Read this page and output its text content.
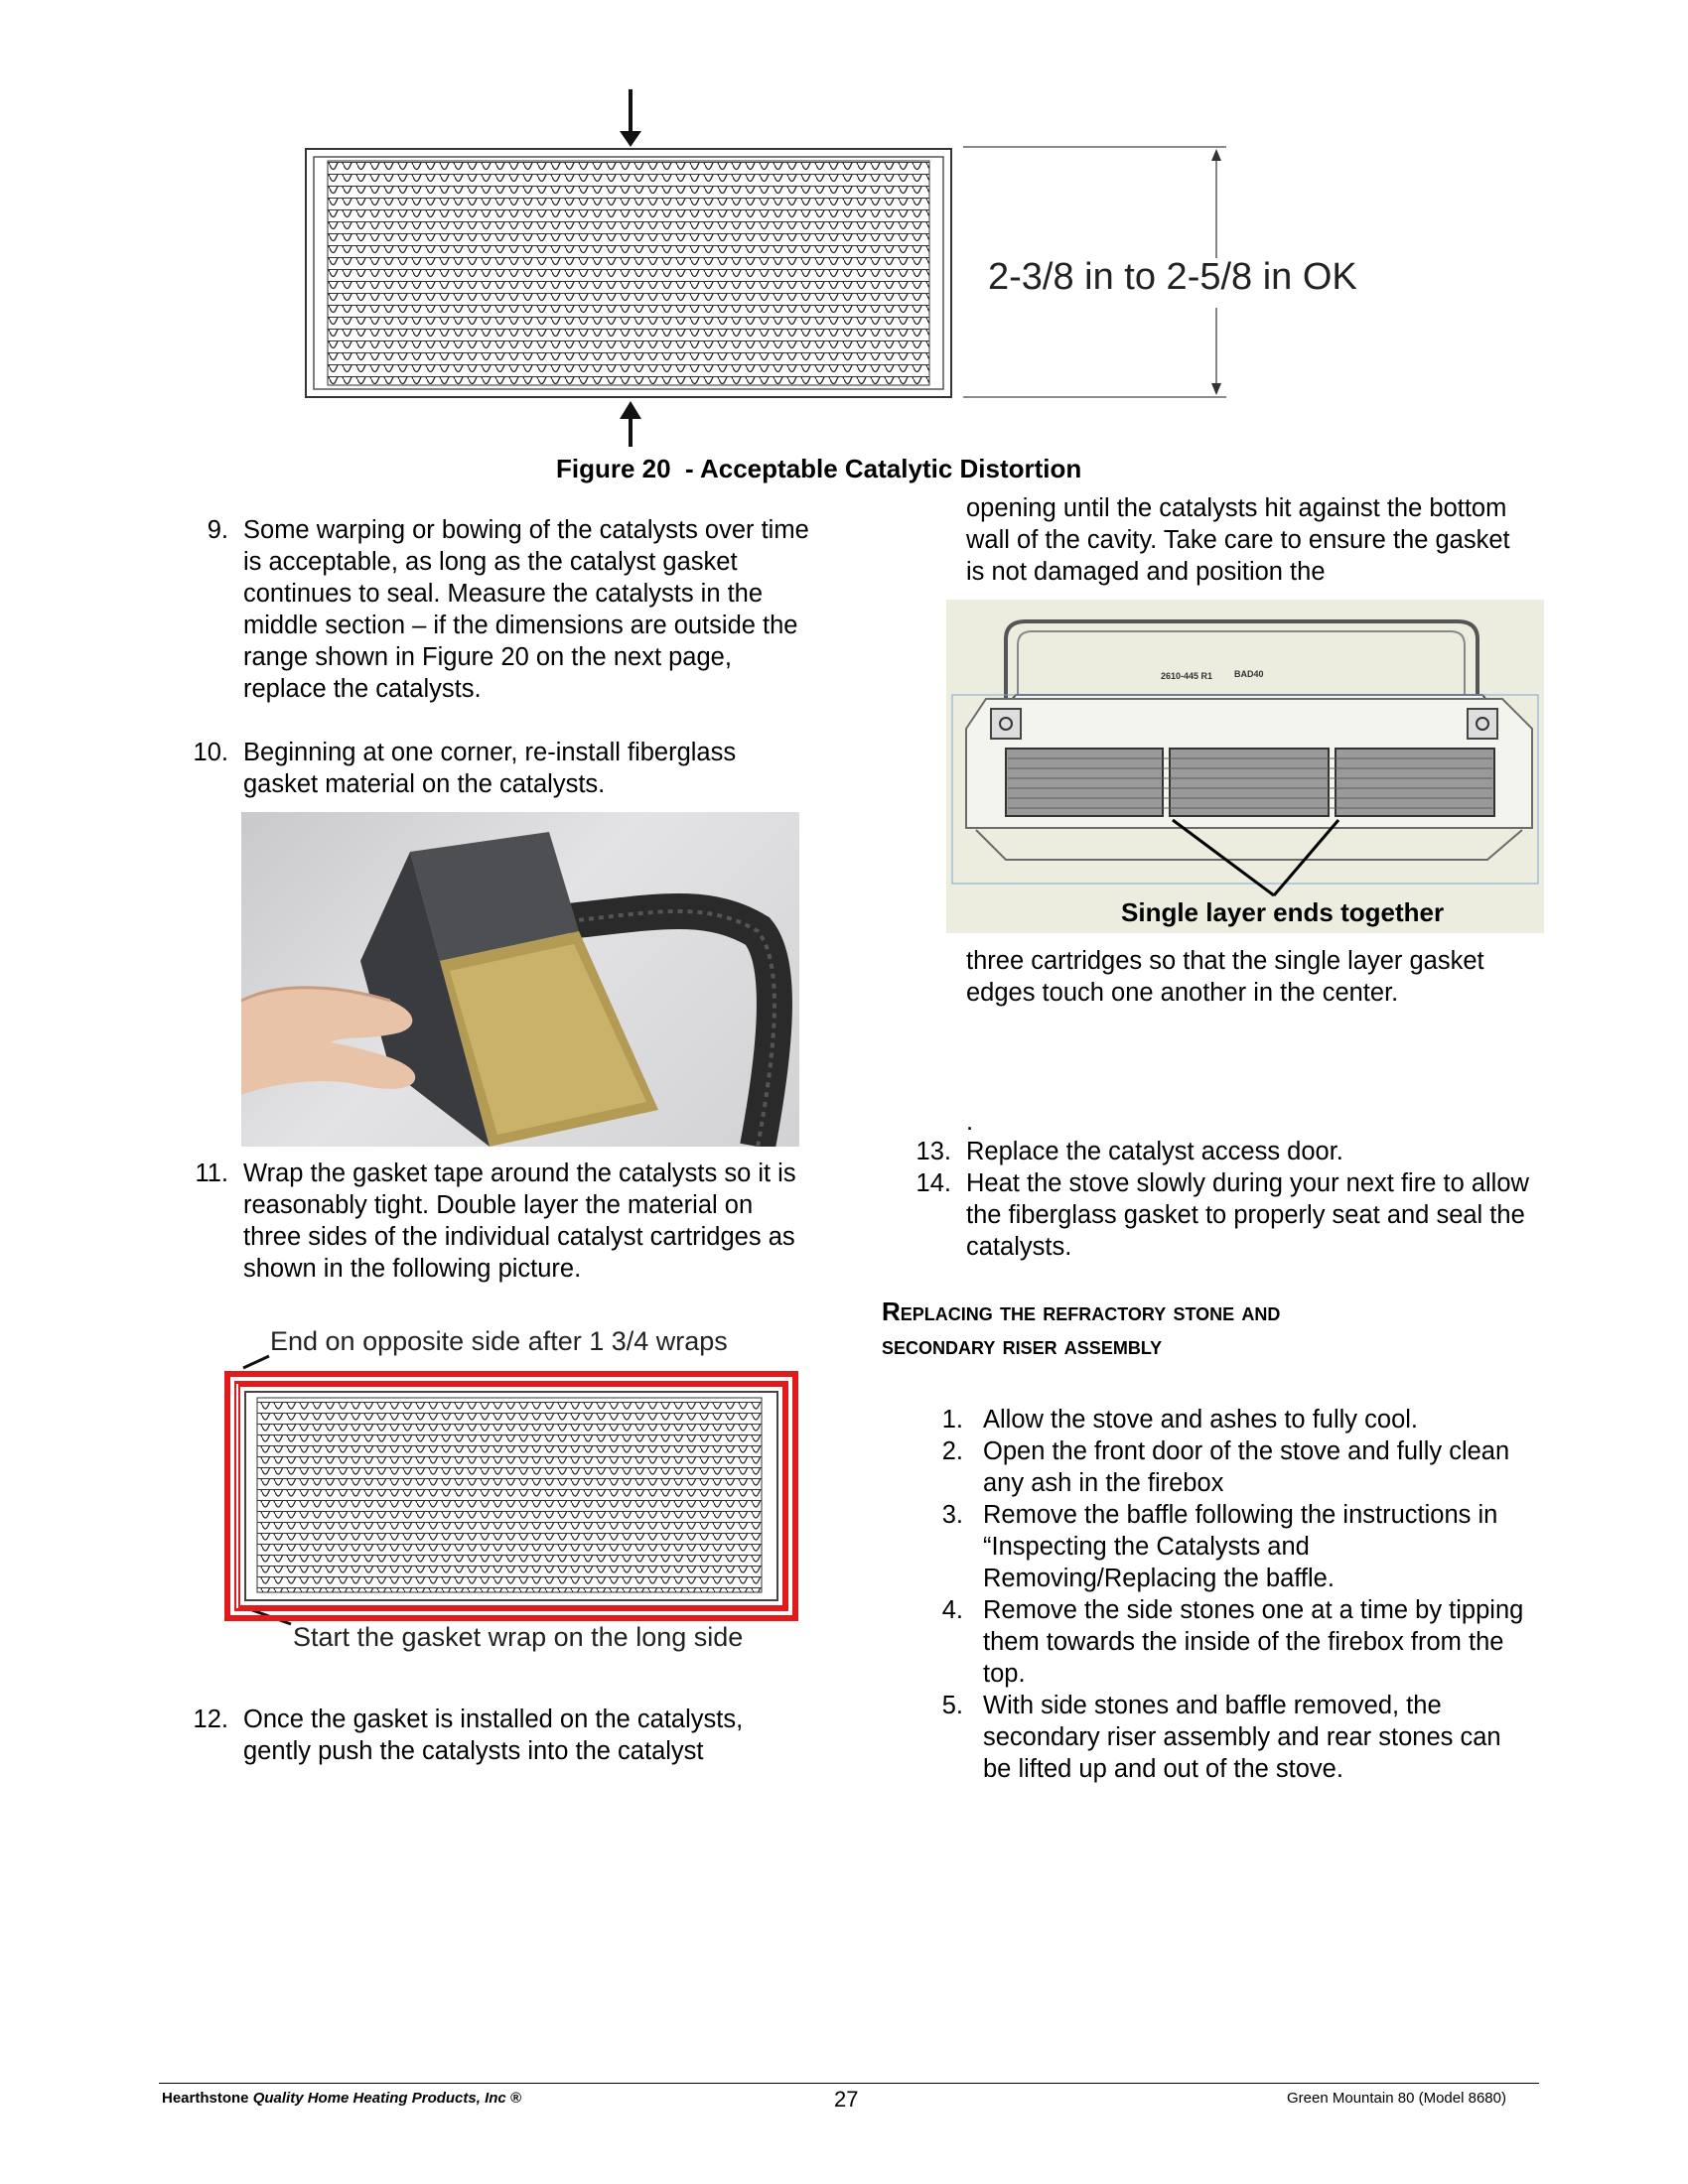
2-3/8 in to 2-5/8 in OK
Figure 20  - Acceptable Catalytic Distortion
9. Some warping or bowing of the catalysts over time is acceptable, as long as the catalyst gasket continues to seal. Measure the catalysts in the middle section – if the dimensions are outside the range shown in Figure 20 on the next page, replace the catalysts.
10. Beginning at one corner, re-install fiberglass gasket material on the catalysts.
11. Wrap the gasket tape around the catalysts so it is reasonably tight. Double layer the material on three sides of the individual catalyst cartridges as shown in the following picture.
End on opposite side after 1 3/4 wraps
Start the gasket wrap on the long side
12. Once the gasket is installed on the catalysts, gently push the catalysts into the catalyst
opening until the catalysts hit against the bottom wall of the cavity. Take care to ensure the gasket is not damaged and position the
2610-445 R1 BAD40
Single layer ends together
three cartridges so that the single layer gasket edges touch one another in the center.
.
13. Replace the catalyst access door.
14. Heat the stove slowly during your next fire to allow the fiberglass gasket to properly seat and seal the catalysts.
Replacing the refractory stone and
secondary riser assembly
1. Allow the stove and ashes to fully cool.
2. Open the front door of the stove and fully clean any ash in the firebox
3. Remove the baffle following the instructions in “Inspecting the Catalysts and Removing/Replacing the baffle.
4. Remove the side stones one at a time by tipping them towards the inside of the firebox from the top.
5. With side stones and baffle removed, the secondary riser assembly and rear stones can be lifted up and out of the stove.
Hearthstone Quality Home Heating Products, Inc ®	27	Green Mountain 80 (Model 8680)
